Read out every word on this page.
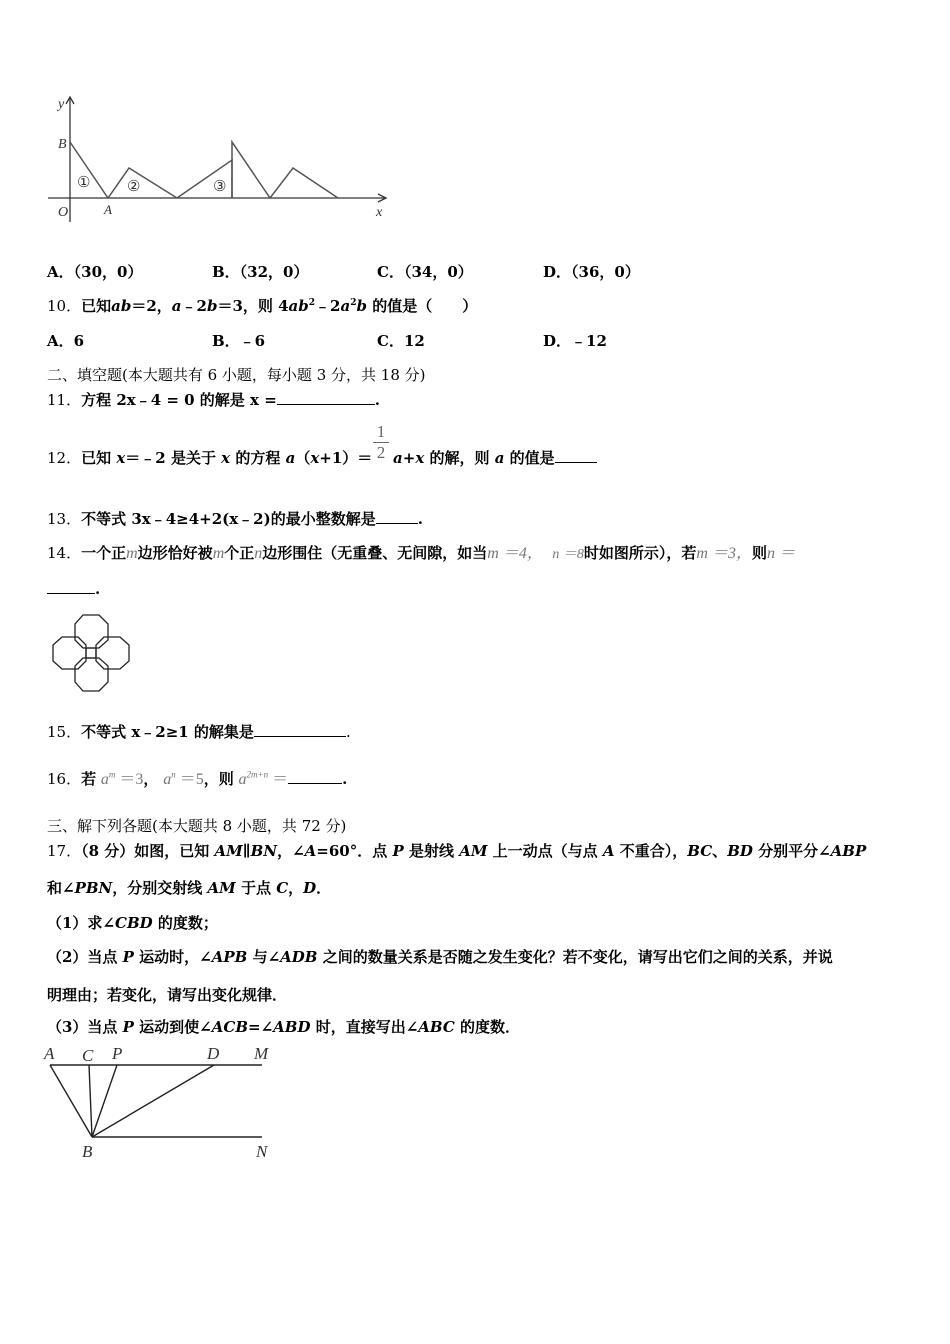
y
B
O	A	x
① ②	③
A．（30，0）	B．（32，0）	C．（34，0）	D．（36，0）
10．已知ab＝2，a﹣2b＝3，则 $4ab^2﹣2a^2b$ 的值是（　　）
A．6	B．﹣6	C．12	D．﹣12
二、填空题(本大题共有 6 小题，每小题 3 分，共 18 分)
11．方程 2x﹣4 = 0 的解是 x =	.
12．已知 x＝﹣2 是关于 x 的方程 a（x+1）＝
1
2 a+x 的解，则 a 的值是
13．不等式 3x﹣4≥4+2(x﹣2)的最小整数解是	.
14．一个正m边形恰好被m个正n边形围住（无重叠、无间隙，如当m ＝4， n ＝8时如图所示），若m ＝3，则n ＝
.
15．不等式 x﹣2≥1 的解集是	.
16．若 $a^m =3$， $a^n =5$，则 $a^{2m+n}$ ＝	.
三、解下列各题(本大题共 8 小题，共 72 分)
17．（8 分）如图，已知 AM∥BN，∠A=60°．点 P 是射线 AM 上一动点（与点 A 不重合），BC、BD 分别平分∠ABP
和∠PBN，分别交射线 AM 于点 C，D．
（1）求∠CBD 的度数；
（2）当点 P 运动时，∠APB 与∠ADB 之间的数量关系是否随之发生变化？若不变化，请写出它们之间的关系，并说
明理由；若变化，请写出变化规律．
（3）当点 P 运动到使∠ACB=∠ABD 时，直接写出∠ABC 的度数．
A C P	D M
B	N
